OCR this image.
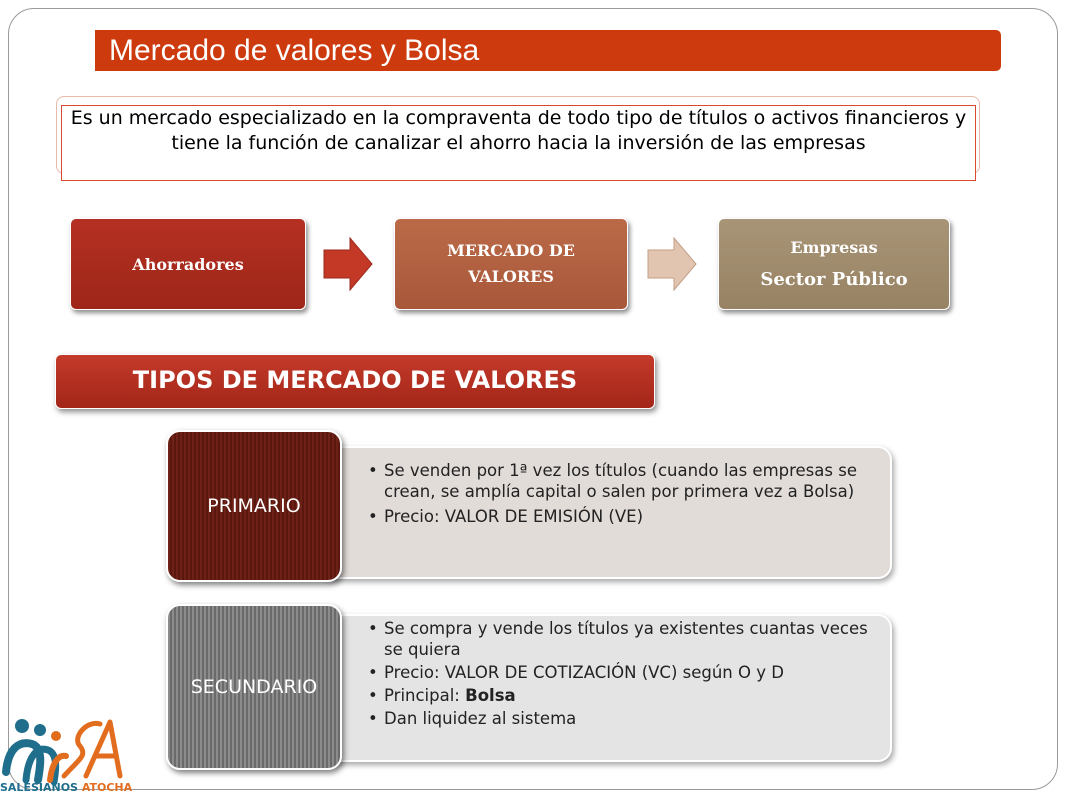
Mercado de valores y Bolsa
Es un mercado especializado en la compraventa de todo tipo de títulos o activos financieros y tiene la función de canalizar el ahorro hacia la inversión de las empresas
Ahorradores
MERCADO DE VALORES
Empresas
Sector Público
TIPOS DE MERCADO DE VALORES
• Se venden por 1ª vez los títulos (cuando las empresas se crean, se amplía capital o salen por primera vez a Bolsa)
• Precio: VALOR DE EMISIÓN (VE)
• Se compra y vende los títulos ya existentes cuantas veces se quiera
• Precio: VALOR DE COTIZACIÓN (VC) según O y D
• Principal: Bolsa
• Dan liquidez al sistema
PRIMARIO
SECUNDARIO
SALESIANOS ATOCHA
